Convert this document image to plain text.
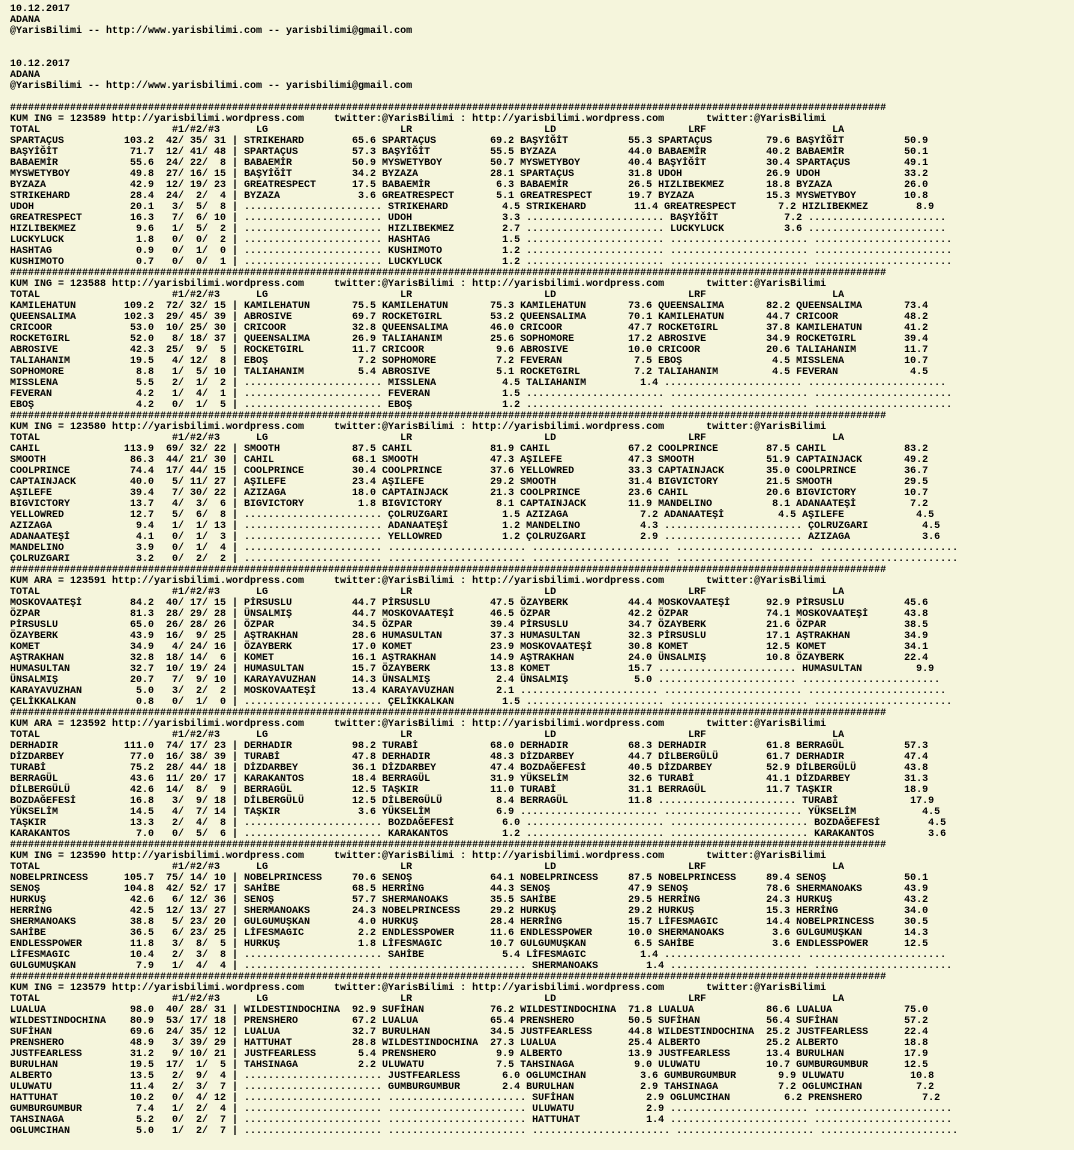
10.12.2017
ADANA
@YarisBilimi -- http://www.yarisbilimi.com -- yarisbilimi@gmail.com

10.12.2017
ADANA
@YarisBilimi -- http://www.yarisbilimi.com -- yarisbilimi@gmail.com

##################################################################################################################################################
KUM ING = 123589 http://yarisbilimi.wordpress.com     twitter:@YarisBilimi : http://yarisbilimi.wordpress.com       twitter:@YarisBilimi
TOTAL                      #1/#2/#3      LG                      LR                      LD                      LRF                     LA
SPARTAÇUS          103.2  42/ 35/ 31 | STRIKEHARD        65.6 SPARTAÇUS         69.2 BAŞYİĞİT          55.3 SPARTAÇUS         79.6 BAŞYİĞİT          50.9
BAŞYİĞİT            71.7  12/ 41/ 48 | SPARTAÇUS         57.3 BAŞYİĞİT          55.5 BYZAZA            44.0 BABAEMİR          40.2 BABAEMİR          50.1
BABAEMİR            55.6  24/ 22/  8 | BABAEMİR          50.9 MYSWETYBOY        50.7 MYSWETYBOY        40.4 BAŞYİĞİT          30.4 SPARTAÇUS         49.1
MYSWETYBOY          49.8  27/ 16/ 15 | BAŞYİĞİT          34.2 BYZAZA            28.1 SPARTAÇUS         31.8 UDOH              26.9 UDOH              33.2
BYZAZA              42.9  12/ 19/ 23 | GREATRESPECT      17.5 BABAEMİR           6.3 BABAEMİR          26.5 HIZLIBEKMEZ       18.8 BYZAZA            26.0
STRIKEHARD          28.4  24/  2/  4 | BYZAZA             3.6 GREATRESPECT       5.1 GREATRESPECT      19.7 BYZAZA            15.3 MYSWETYBOY        10.8
UDOH                20.1   3/  5/  8 | ....................... STRIKEHARD         4.5 STRIKEHARD        11.4 GREATRESPECT       7.2 HIZLIBEKMEZ        8.9
GREATRESPECT        16.3   7/  6/ 10 | ....................... UDOH               3.3 ....................... BAŞYİĞİT           7.2 .......................
HIZLIBEKMEZ          9.6   1/  5/  2 | ....................... HIZLIBEKMEZ        2.7 ....................... LUCKYLUCK          3.6 .......................
LUCKYLUCK            1.8   0/  0/  2 | ....................... HASHTAG            1.5 ....................... ....................... .......................
HASHTAG              0.9   0/  1/  0 | ....................... KUSHIMOTO          1.2 ....................... ....................... .......................
KUSHIMOTO            0.7   0/  0/  1 | ....................... LUCKYLUCK          1.2 ....................... ....................... .......................
##################################################################################################################################################
KUM ING = 123588 http://yarisbilimi.wordpress.com     twitter:@YarisBilimi : http://yarisbilimi.wordpress.com       twitter:@YarisBilimi
TOTAL                      #1/#2/#3      LG                      LR                      LD                      LRF                     LA
KAMILEHATUN        109.2  72/ 32/ 15 | KAMILEHATUN       75.5 KAMILEHATUN       75.3 KAMILEHATUN       73.6 QUEENSALIMA       82.2 QUEENSALIMA       73.4
QUEENSALIMA        102.3  29/ 45/ 39 | ABROSIVE          69.7 ROCKETGIRL        53.2 QUEENSALIMA       70.1 KAMILEHATUN       44.7 CRICOOR           48.2
CRICOOR             53.0  10/ 25/ 30 | CRICOOR           32.8 QUEENSALIMA       46.0 CRICOOR           47.7 ROCKETGIRL        37.8 KAMILEHATUN       41.2
ROCKETGIRL          52.0   8/ 18/ 37 | QUEENSALIMA       26.9 TALIAHANIM        25.6 SOPHOMORE         17.2 ABROSIVE          34.9 ROCKETGIRL        39.4
ABROSIVE            42.3  25/  9/  5 | ROCKETGIRL        11.7 CRICOOR            9.6 ABROSIVE          10.0 CRICOOR           20.6 TALIAHANIM        11.7
TALIAHANIM          19.5   4/ 12/  8 | EBOŞ               7.2 SOPHOMORE          7.2 FEVERAN            7.5 EBOŞ               4.5 MISSLENA          10.7
SOPHOMORE            8.8   1/  5/ 10 | TALIAHANIM         5.4 ABROSIVE           5.1 ROCKETGIRL         7.2 TALIAHANIM         4.5 FEVERAN            4.5
MISSLENA             5.5   2/  1/  2 | ....................... MISSLENA           4.5 TALIAHANIM         1.4 ....................... .......................
FEVERAN              4.2   1/  4/  1 | ....................... FEVERAN            1.5 ....................... ....................... .......................
EBOŞ                 4.2   0/  1/  5 | ....................... EBOŞ               1.2 ....................... ....................... .......................
##################################################################################################################################################
KUM ING = 123580 http://yarisbilimi.wordpress.com     twitter:@YarisBilimi : http://yarisbilimi.wordpress.com       twitter:@YarisBilimi
TOTAL                      #1/#2/#3      LG                      LR                      LD                      LRF                     LA
CAHIL              113.9  69/ 32/ 22 | SMOOTH            87.5 CAHIL             81.9 CAHIL             67.2 COOLPRINCE        87.5 CAHIL             83.2
SMOOTH              86.3  44/ 21/ 30 | CAHIL             68.1 SMOOTH            47.3 AŞILEFE           47.3 SMOOTH            51.9 CAPTAINJACK       49.2
COOLPRINCE          74.4  17/ 44/ 15 | COOLPRINCE        30.4 COOLPRINCE        37.6 YELLOWRED         33.3 CAPTAINJACK       35.0 COOLPRINCE        36.7
CAPTAINJACK         40.0   5/ 11/ 27 | AŞILEFE           23.4 AŞILEFE           29.2 SMOOTH            31.4 BIGVICTORY        21.5 SMOOTH            29.5
AŞILEFE             39.4   7/ 30/ 22 | AZIZAGA           18.0 CAPTAINJACK       21.3 COOLPRINCE        23.6 CAHIL             20.6 BIGVICTORY        10.7
BIGVICTORY          13.7   4/  3/  6 | BIGVICTORY         1.8 BIGVICTORY         8.1 CAPTAINJACK       11.9 MANDELINO          8.1 ADANAATEŞİ         7.2
YELLOWRED           12.7   5/  6/  8 | ....................... ÇOLRUZGARI         1.5 AZIZAGA            7.2 ADANAATEŞİ         4.5 AŞILEFE            4.5
AZIZAGA              9.4   1/  1/ 13 | ....................... ADANAATEŞİ         1.2 MANDELINO          4.3 ....................... ÇOLRUZGARI         4.5
ADANAATEŞİ           4.1   0/  1/  3 | ....................... YELLOWRED          1.2 ÇOLRUZGARI         2.9 ....................... AZIZAGA            3.6
MANDELINO            3.9   0/  1/  4 | ....................... ....................... ....................... ....................... .......................
ÇOLRUZGARI           3.2   0/  2/  2 | ....................... ....................... ....................... ....................... .......................
##################################################################################################################################################
KUM ARA = 123591 http://yarisbilimi.wordpress.com     twitter:@YarisBilimi : http://yarisbilimi.wordpress.com       twitter:@YarisBilimi
TOTAL                      #1/#2/#3      LG                      LR                      LD                      LRF                     LA
MOSKOVAATEŞİ        84.2  40/ 17/ 15 | PİRSUSLU          44.7 PİRSUSLU          47.5 ÖZAYBERK          44.4 MOSKOVAATEŞİ      92.9 PİRSUSLU          45.6
ÖZPAR               81.3  28/ 29/ 28 | ÜNSALMIŞ          44.7 MOSKOVAATEŞİ      46.5 ÖZPAR             42.2 ÖZPAR             74.1 MOSKOVAATEŞİ      43.8
PİRSUSLU            65.0  26/ 28/ 26 | ÖZPAR             34.5 ÖZPAR             39.4 PİRSUSLU          34.7 ÖZAYBERK          21.6 ÖZPAR             38.5
ÖZAYBERK            43.9  16/  9/ 25 | AŞTRAKHAN         28.6 HUMASULTAN        37.3 HUMASULTAN        32.3 PİRSUSLU          17.1 AŞTRAKHAN         34.9
KOMET               34.9   4/ 24/ 16 | ÖZAYBERK          17.0 KOMET             23.9 MOSKOVAATEŞİ      30.8 KOMET             12.5 KOMET             34.1
AŞTRAKHAN           32.8  18/ 14/  6 | KOMET             16.1 AŞTRAKHAN         14.9 AŞTRAKHAN         24.0 ÜNSALMIŞ          10.8 ÖZAYBERK          22.4
HUMASULTAN          32.7  10/ 19/ 24 | HUMASULTAN        15.7 ÖZAYBERK          13.8 KOMET             15.7 ....................... HUMASULTAN         9.9
ÜNSALMIŞ            20.7   7/  9/ 10 | KARAYAVUZHAN      14.3 ÜNSALMIŞ           2.4 ÜNSALMIŞ           5.0 ....................... .......................
KARAYAVUZHAN         5.0   3/  2/  2 | MOSKOVAATEŞİ      13.4 KARAYAVUZHAN       2.1 ....................... ....................... .......................
ÇELİKKALKAN          0.8   0/  1/  0 | ....................... ÇELİKKALKAN        1.5 ....................... ....................... .......................
##################################################################################################################################################
KUM ARA = 123592 http://yarisbilimi.wordpress.com     twitter:@YarisBilimi : http://yarisbilimi.wordpress.com       twitter:@YarisBilimi
TOTAL                      #1/#2/#3      LG                      LR                      LD                      LRF                     LA
DERHADIR           111.0  74/ 17/ 23 | DERHADIR          98.2 TURABİ            68.0 DERHADIR          68.3 DERHADIR          61.8 BERRAGÜL          57.3
DİZDARBEY           77.0  16/ 38/ 39 | TURABİ            47.8 DERHADIR          48.3 DİZDARBEY         44.7 DİLBERGÜLÜ        61.7 DERHADIR          47.4
TURABİ              75.2  28/ 44/ 18 | DİZDARBEY         36.1 DİZDARBEY         47.4 BOZDAĞEFESİ       40.5 DİZDARBEY         52.9 DİLBERGÜLÜ        43.8
BERRAGÜL            43.6  11/ 20/ 17 | KARAKANTOS        18.4 BERRAGÜL          31.9 YÜKSELİM          32.6 TURABİ            41.1 DİZDARBEY         31.3
DİLBERGÜLÜ          42.6  14/  8/  9 | BERRAGÜL          12.5 TAŞKIR            11.0 TURABİ            31.1 BERRAGÜL          11.7 TAŞKIR            18.9
BOZDAĞEFESİ         16.8   3/  9/ 18 | DİLBERGÜLÜ        12.5 DİLBERGÜLÜ         8.4 BERRAGÜL          11.8 ....................... TURABİ            17.9
YÜKSELİM            14.5   4/  7/ 14 | TAŞKIR             3.6 YÜKSELİM           6.9 ....................... ....................... YÜKSELİM           4.5
TAŞKIR              13.3   2/  4/  8 | ....................... BOZDAĞEFESİ        6.0 ....................... ....................... BOZDAĞEFESİ        4.5
KARAKANTOS           7.0   0/  5/  6 | ....................... KARAKANTOS         1.2 ....................... ....................... KARAKANTOS         3.6
##################################################################################################################################################
KUM ING = 123590 http://yarisbilimi.wordpress.com     twitter:@YarisBilimi : http://yarisbilimi.wordpress.com       twitter:@YarisBilimi
TOTAL                      #1/#2/#3      LG                      LR                      LD                      LRF                     LA
NOBELPRINCESS      105.7  75/ 14/ 10 | NOBELPRINCESS     70.6 SENOŞ             64.1 NOBELPRINCESS     87.5 NOBELPRINCESS     89.4 SENOŞ             50.1
SENOŞ              104.8  42/ 52/ 17 | SAHİBE            68.5 HERRİNG           44.3 SENOŞ             47.9 SENOŞ             78.6 SHERMANOAKS       43.9
HURKUŞ              42.6   6/ 12/ 36 | SENOŞ             57.7 SHERMANOAKS       35.5 SAHİBE            29.5 HERRİNG           24.3 HURKUŞ            43.2
HERRİNG             42.5  12/ 13/ 27 | SHERMANOAKS       24.3 NOBELPRINCESS     29.2 HURKUŞ            29.2 HURKUŞ            15.3 HERRİNG           34.0
SHERMANOAKS         38.8   5/ 23/ 20 | GULGUMUŞKAN        4.0 HURKUŞ            28.4 HERRİNG           15.7 LİFESMAGIC        14.4 NOBELPRINCESS     30.5
SAHİBE              36.5   6/ 23/ 25 | LİFESMAGIC         2.2 ENDLESSPOWER      11.6 ENDLESSPOWER      10.0 SHERMANOAKS        3.6 GULGUMUŞKAN       14.3
ENDLESSPOWER        11.8   3/  8/  5 | HURKUŞ             1.8 LİFESMAGIC        10.7 GULGUMUŞKAN        6.5 SAHİBE             3.6 ENDLESSPOWER      12.5
LİFESMAGIC          10.4   2/  3/  8 | ....................... SAHİBE             5.4 LİFESMAGIC         1.4 ....................... .......................
GULGUMUŞKAN          7.9   1/  4/  4 | ....................... ....................... SHERMANOAKS        1.4 ....................... .......................
##################################################################################################################################################
KUM ING = 123579 http://yarisbilimi.wordpress.com     twitter:@YarisBilimi : http://yarisbilimi.wordpress.com       twitter:@YarisBilimi
TOTAL                      #1/#2/#3      LG                      LR                      LD                      LRF                     LA
LUALUA              98.0  40/ 28/ 31 | WILDESTINDOCHINA  92.9 SUFİHAN           76.2 WILDESTINDOCHINA  71.8 LUALUA            86.6 LUALUA            75.0
WILDESTINDOCHINA    80.9  53/ 17/ 18 | PRENSHERO         67.2 LUALUA            65.4 PRENSHERO         50.5 SUFİHAN           56.4 SUFİHAN           57.2
SUFİHAN             69.6  24/ 35/ 12 | LUALUA            32.7 BURULHAN          34.5 JUSTFEARLESS      44.8 WILDESTINDOCHINA  25.2 JUSTFEARLESS      22.4
PRENSHERO           48.9   3/ 39/ 29 | HATTUHAT          28.8 WILDESTINDOCHINA  27.3 LUALUA            25.4 ALBERTO           25.2 ALBERTO           18.8
JUSTFEARLESS        31.2   9/ 10/ 21 | JUSTFEARLESS       5.4 PRENSHERO          9.9 ALBERTO           13.9 JUSTFEARLESS      13.4 BURULHAN          17.9
BURULHAN            19.5  17/  1/  5 | TAHSINAGA          2.2 ULUWATU            7.5 TAHSINAGA          9.0 ULUWATU           10.7 GUMBURGUMBUR      12.5
ALBERTO             13.5   2/  9/  4 | ....................... JUSTFEARLESS       6.0 OGLUMCIHAN         3.6 GUMBURGUMBUR       9.9 ULUWATU           10.8
ULUWATU             11.4   2/  3/  7 | ....................... GUMBURGUMBUR       2.4 BURULHAN           2.9 TAHSINAGA          7.2 OGLUMCIHAN         7.2
HATTUHAT            10.2   0/  4/ 12 | ....................... ....................... SUFİHAN            2.9 OGLUMCIHAN         6.2 PRENSHERO          7.2
GUMBURGUMBUR         7.4   1/  2/  4 | ....................... ....................... ULUWATU            2.9 ....................... .......................
TAHSINAGA            5.2   0/  2/  7 | ....................... ....................... HATTUHAT           1.4 ....................... .......................
OGLUMCIHAN           5.0   1/  2/  7 | ....................... ....................... ....................... ....................... .......................
